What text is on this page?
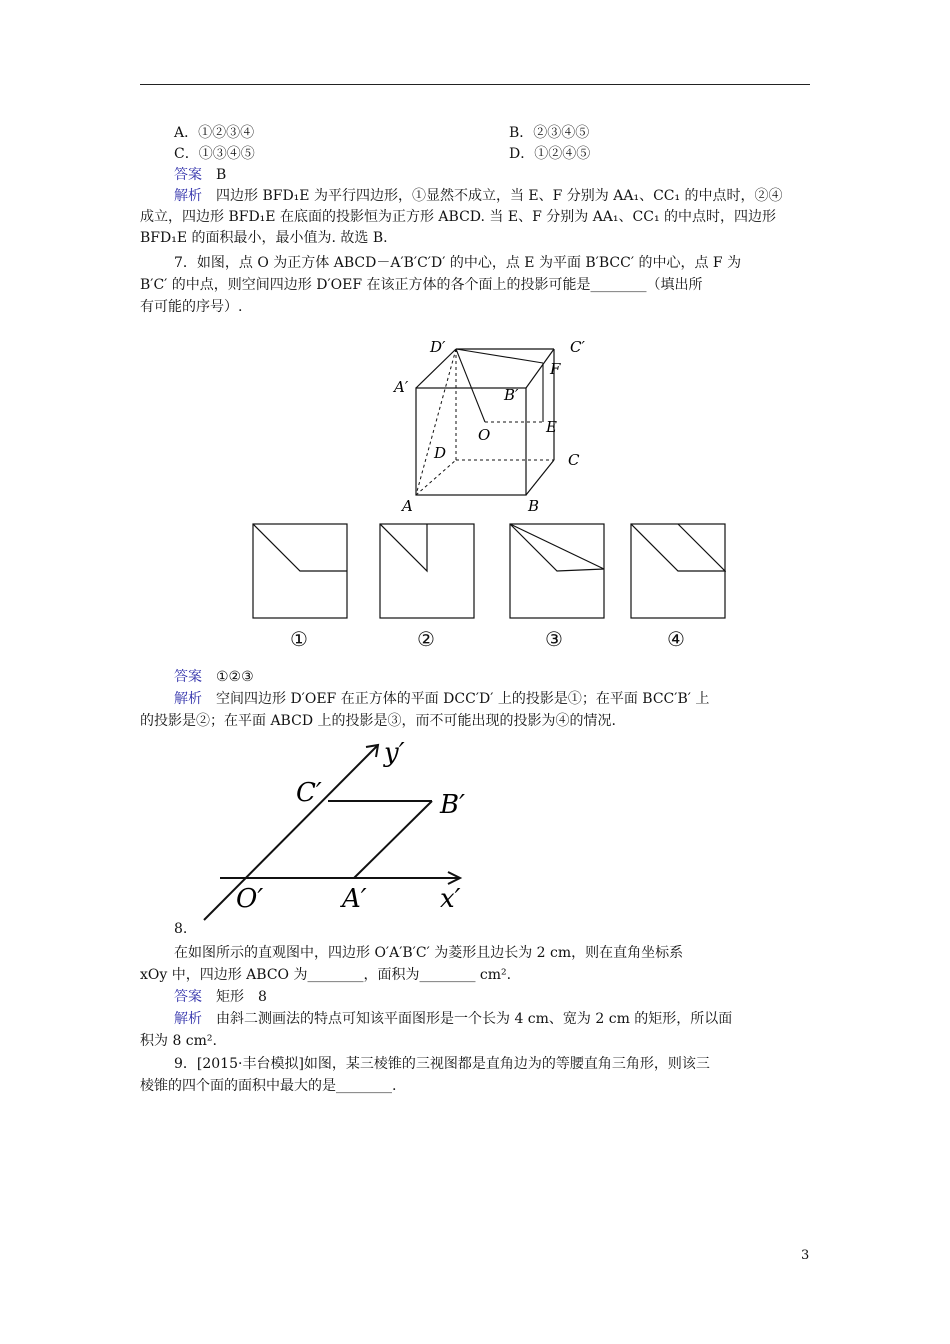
A．①②③④	B．②③④⑤
C．①③④⑤	D．①②④⑤
答案 B
解析 四边形 BFD₁E 为平行四边形，①显然不成立，当 E、F 分别为 AA₁、CC₁ 的中点时，②④
成立，四边形 BFD₁E 在底面的投影恒为正方形 ABCD. 当 E、F 分别为 AA₁、CC₁ 的中点时，四边形
BFD₁E 的面积最小，最小值为. 故选 B.
7．如图，点 O 为正方体 ABCD－A′B′C′D′ 的中心，点 E 为平面 B′BCC′ 的中心，点 F 为
B′C′ 的中点，则空间四边形 D′OEF 在该正方体的各个面上的投影可能是________（填出所
有可能的序号）.
D′	C′
A′	B′
F
O	E
D	C
A	B
①	②	③	④
答案 ①②③
解析 空间四边形 D′OEF 在正方体的平面 DCC′D′ 上的投影是①；在平面 BCC′B′ 上
的投影是②；在平面 ABCD 上的投影是③，而不可能出现的投影为④的情况.
y′
C′	B′
O′	A′	x′
8.
在如图所示的直观图中，四边形 O′A′B′C′ 为菱形且边长为 2 cm，则在直角坐标系
xOy 中，四边形 ABCO 为________，面积为________ cm².
答案 矩形　8
解析 由斜二测画法的特点可知该平面图形是一个长为 4 cm、宽为 2 cm 的矩形，所以面
积为 8 cm².
9．[2015·丰台模拟]如图，某三棱锥的三视图都是直角边为的等腰直角三角形，则该三
棱锥的四个面的面积中最大的是________.
3
